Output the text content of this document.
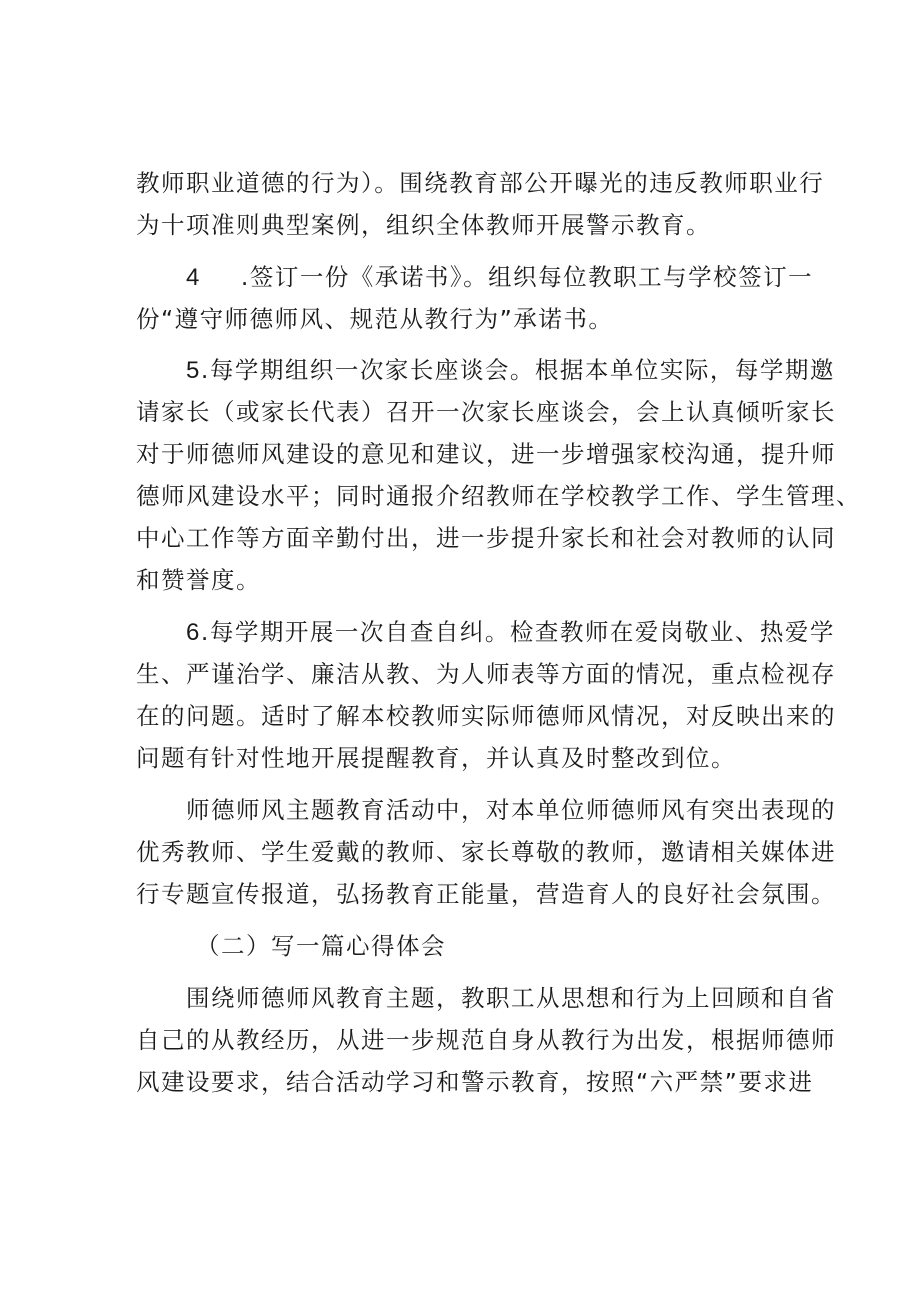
教师职业道德的行为）。围绕教育部公开曝光的违反教师职业行
为十项准则典型案例，组织全体教师开展警示教育。
4 .签订一份《承诺书》。组织每位教职工与学校签订一
份“遵守师德师风、规范从教行为”承诺书。
5.每学期组织一次家长座谈会。根据本单位实际，每学期邀
请家长（或家长代表）召开一次家长座谈会，会上认真倾听家长
对于师德师风建设的意见和建议，进一步增强家校沟通，提升师
德师风建设水平；同时通报介绍教师在学校教学工作、学生管理、
中心工作等方面辛勤付出，进一步提升家长和社会对教师的认同
和赞誉度。
6.每学期开展一次自查自纠。检查教师在爱岗敬业、热爱学
生、严谨治学、廉洁从教、为人师表等方面的情况，重点检视存
在的问题。适时了解本校教师实际师德师风情况，对反映出来的
问题有针对性地开展提醒教育，并认真及时整改到位。
师德师风主题教育活动中，对本单位师德师风有突出表现的
优秀教师、学生爱戴的教师、家长尊敬的教师，邀请相关媒体进
行专题宣传报道，弘扬教育正能量，营造育人的良好社会氛围。
（二）写一篇心得体会
围绕师德师风教育主题，教职工从思想和行为上回顾和自省
自己的从教经历，从进一步规范自身从教行为出发，根据师德师
风建设要求，结合活动学习和警示教育，按照“六严禁”要求进
